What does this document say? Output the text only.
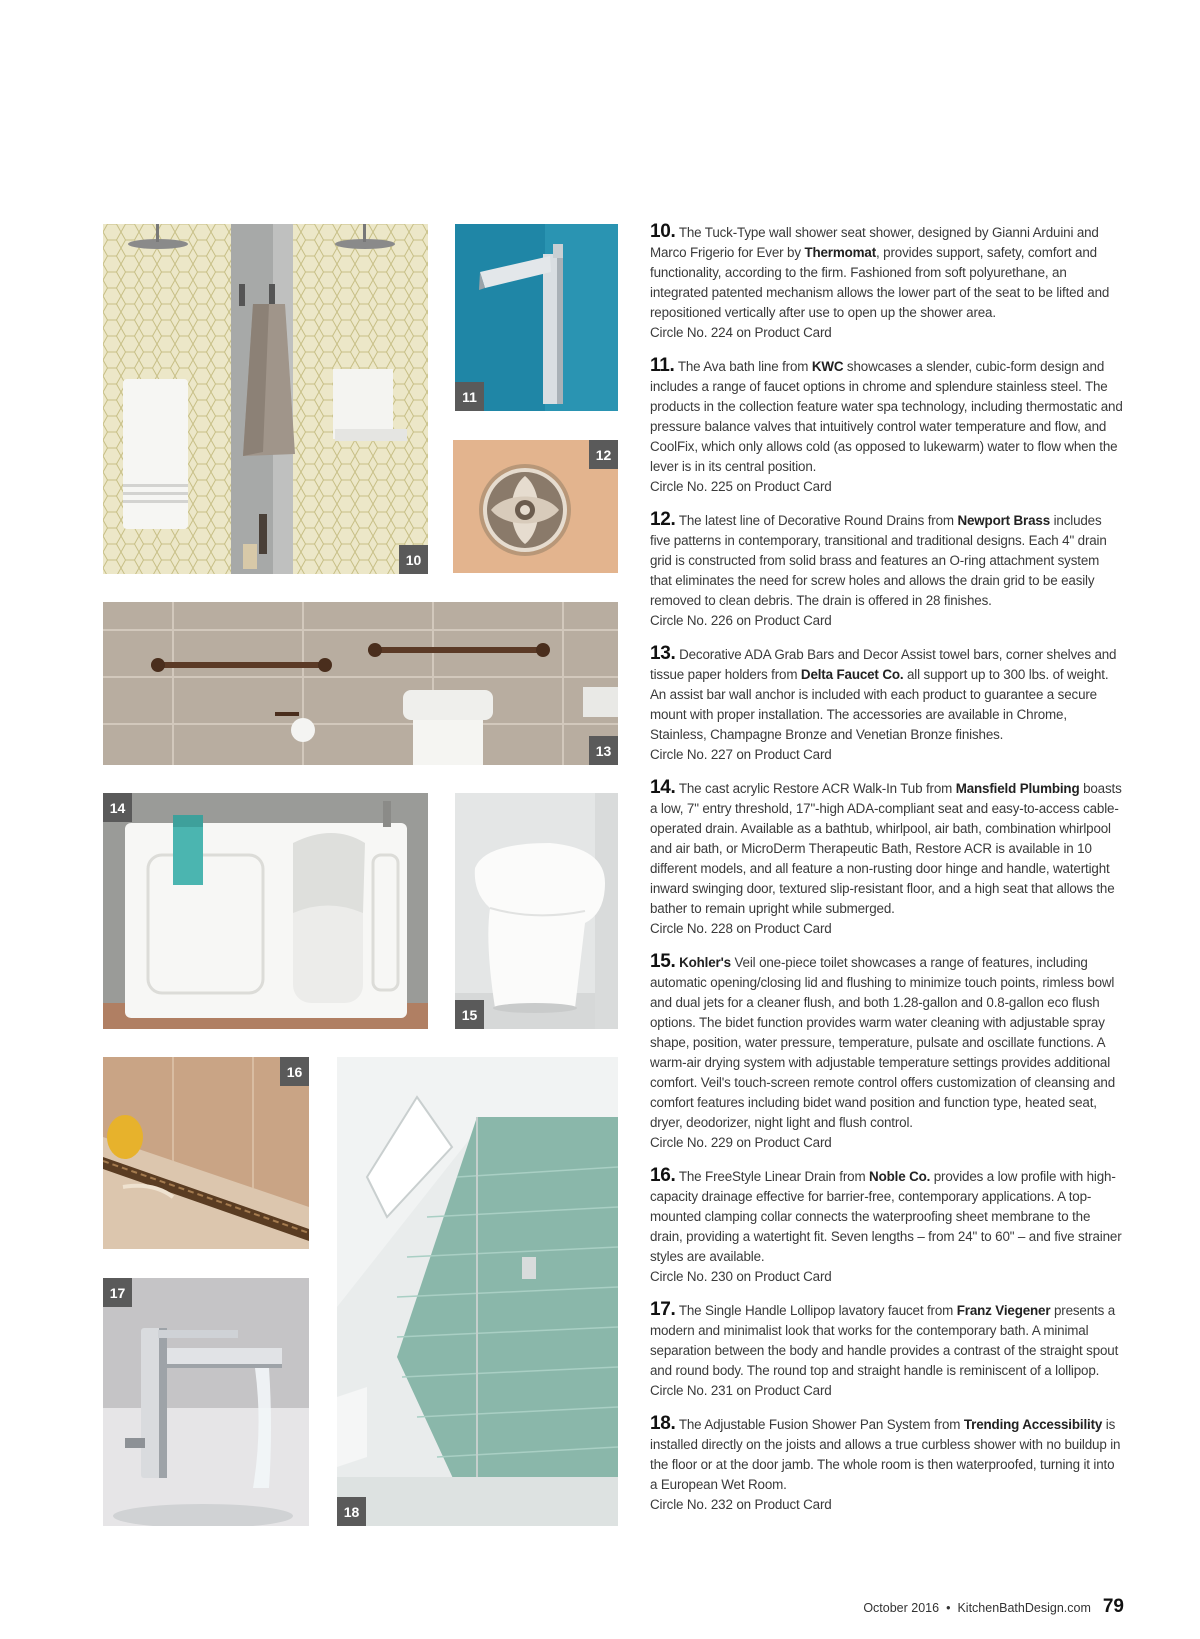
10
11
12
13
14
15
16
17
18

10. The Tuck-Type wall shower seat shower, designed by Gianni Arduini and Marco Frigerio for Ever by Thermomat, provides support, safety, comfort and functionality, according to the firm. Fashioned from soft polyurethane, an integrated patented mechanism allows the lower part of the seat to be lifted and repositioned vertically after use to open up the shower area.

Circle No. 224 on Product Card

11. The Ava bath line from KWC showcases a slender, cubic-form design and includes a range of faucet options in chrome and splendure stainless steel. The products in the collection feature water spa technology, including thermostatic and pressure balance valves that intuitively control water temperature and flow, and CoolFix, which only allows cold (as opposed to lukewarm) water to flow when the lever is in its central position.

Circle No. 225 on Product Card

12. The latest line of Decorative Round Drains from Newport Brass includes five patterns in contemporary, transitional and traditional designs. Each 4" drain grid is constructed from solid brass and features an O-ring attachment system that eliminates the need for screw holes and allows the drain grid to be easily removed to clean debris. The drain is offered in 28 finishes.

Circle No. 226 on Product Card

13. Decorative ADA Grab Bars and Decor Assist towel bars, corner shelves and tissue paper holders from Delta Faucet Co. all support up to 300 lbs. of weight. An assist bar wall anchor is included with each product to guarantee a secure mount with proper installation. The accessories are available in Chrome, Stainless, Champagne Bronze and Venetian Bronze finishes.

Circle No. 227 on Product Card

14. The cast acrylic Restore ACR Walk-In Tub from Mansfield Plumbing boasts a low, 7" entry threshold, 17"-high ADA-compliant seat and easy-to-access cable-operated drain. Available as a bathtub, whirlpool, air bath, combination whirlpool and air bath, or MicroDerm Therapeutic Bath, Restore ACR is available in 10 different models, and all feature a non-rusting door hinge and handle, watertight inward swinging door, textured slip-resistant floor, and a high seat that allows the bather to remain upright while submerged.

Circle No. 228 on Product Card

15. Kohler's Veil one-piece toilet showcases a range of features, including automatic opening/closing lid and flushing to minimize touch points, rimless bowl and dual jets for a cleaner flush, and both 1.28-gallon and 0.8-gallon eco flush options. The bidet function provides warm water cleaning with adjustable spray shape, position, water pressure, temperature, pulsate and oscillate functions. A warm-air drying system with adjustable temperature settings provides additional comfort. Veil's touch-screen remote control offers customization of cleansing and comfort features including bidet wand position and function type, heated seat, dryer, deodorizer, night light and flush control.

Circle No. 229 on Product Card

16. The FreeStyle Linear Drain from Noble Co. provides a low profile with high-capacity drainage effective for barrier-free, contemporary applications. A top-mounted clamping collar connects the waterproofing sheet membrane to the drain, providing a watertight fit. Seven lengths – from 24" to 60" – and five strainer styles are available.

Circle No. 230 on Product Card

17. The Single Handle Lollipop lavatory faucet from Franz Viegener presents a modern and minimalist look that works for the contemporary bath. A minimal separation between the body and handle provides a contrast of the straight spout and round body. The round top and straight handle is reminiscent of a lollipop.

Circle No. 231 on Product Card

18. The Adjustable Fusion Shower Pan System from Trending Accessibility is installed directly on the joists and allows a true curbless shower with no buildup in the floor or at the door jamb. The whole room is then waterproofed, turning it into a European Wet Room.

Circle No. 232 on Product Card

October 2016 • KitchenBathDesign.com 79
